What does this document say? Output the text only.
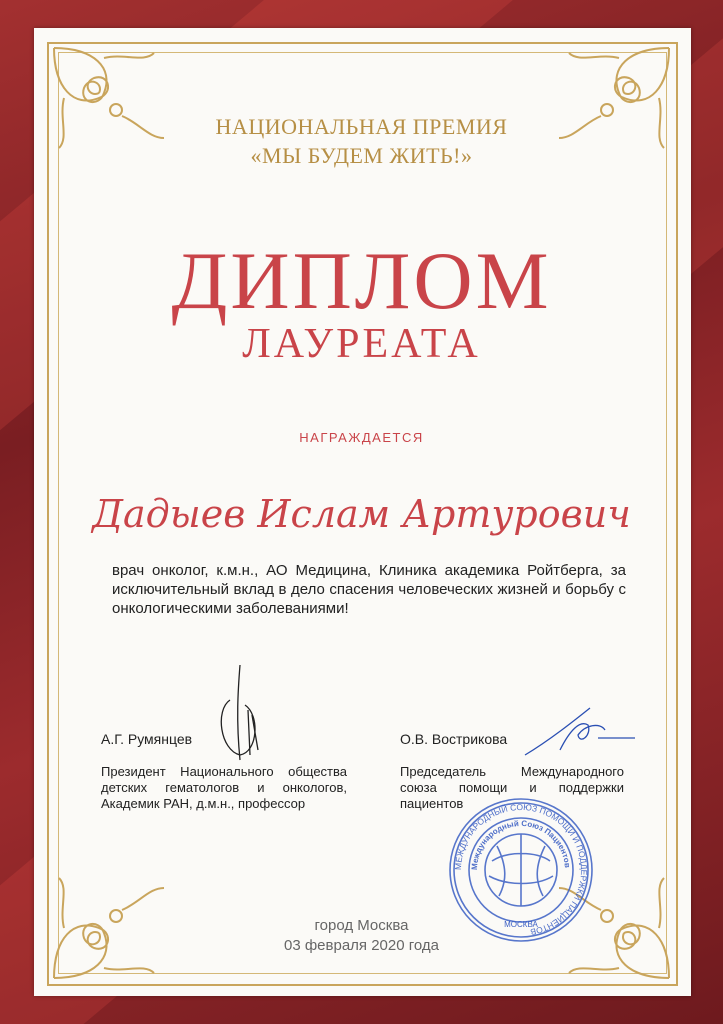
НАЦИОНАЛЬНАЯ ПРЕМИЯ
«МЫ БУДЕМ ЖИТЬ!»
ДИПЛОМ
ЛАУРЕАТА
НАГРАЖДАЕТСЯ
Дадыев Ислам Артурович
врач онколог, к.м.н., АО Медицина, Клиника академика Ройтберга, за исключительный вклад в дело спасения человеческих жизней и борьбу с онкологическими заболеваниями!
А.Г. Румянцев
Президент Национального общества детских гематологов и онкологов, Академик РАН, д.м.н., профессор
О.В. Вострикова
Председатель Международного союза помощи и поддержки пациентов
МЕЖДУНАРОДНЫЙ СОЮЗ ПОМОЩИ И ПОДДЕРЖКИ ПАЦИЕНТОВ
Международный Союз Пациентов
МОСКВА
город Москва
03 февраля 2020 года
